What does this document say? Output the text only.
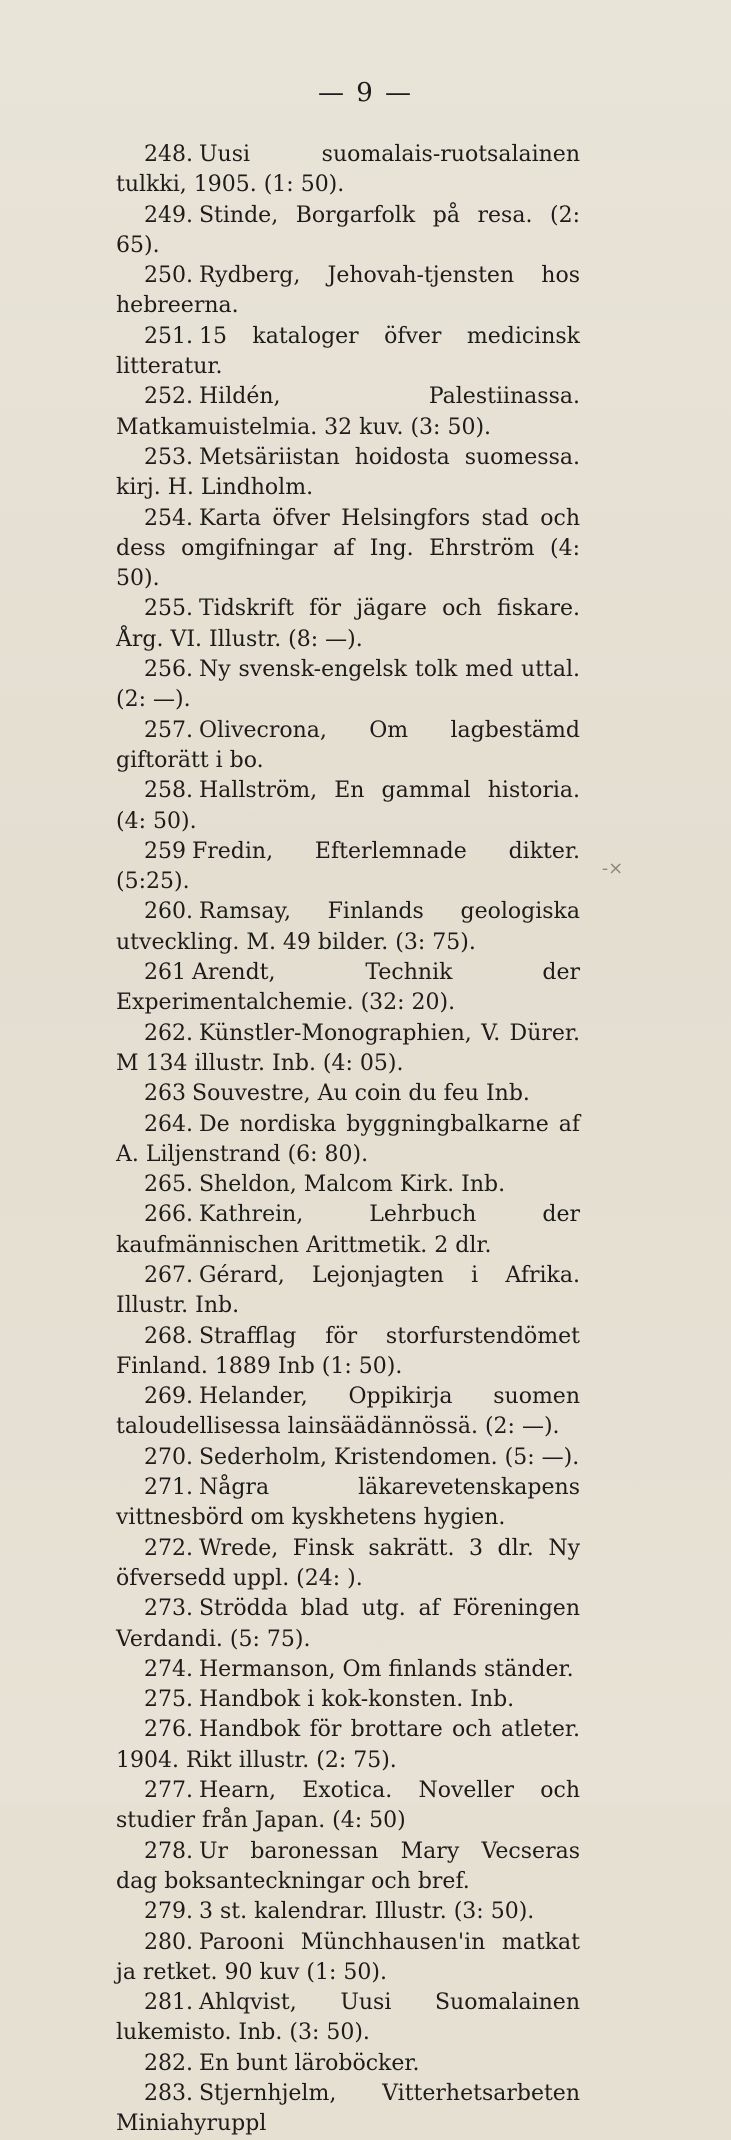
— 9 —

248. Uusi suomalais-ruotsalainen tulkki, 1905. (1: 50).

249. Stinde, Borgarfolk på resa. (2: 65).

250. Rydberg, Jehovah-tjensten hos hebreerna.

251. 15 kataloger öfver medicinsk litteratur.

252. Hildén, Palestiinassa. Matkamuistelmia. 32 kuv. (3: 50).

253. Metsäriistan hoidosta suomessa. kirj. H. Lindholm.

254. Karta öfver Helsingfors stad och dess omgifningar af Ing. Ehrström (4: 50).

255. Tidskrift för jägare och fiskare. Årg. VI. Illustr. (8: —).

256. Ny svensk-engelsk tolk med uttal. (2: —).

257. Olivecrona, Om lagbestämd giftorätt i bo.

258. Hallström, En gammal historia. (4: 50).

259 Fredin, Efterlemnade dikter. (5:25).

260. Ramsay, Finlands geologiska utveckling. M. 49 bilder. (3: 75).

261 Arendt, Technik der Experimentalchemie. (32: 20).

262. Künstler-Monographien, V. Dürer. M 134 illustr. Inb. (4: 05).

263 Souvestre, Au coin du feu Inb.

264. De nordiska byggningbalkarne af A. Liljenstrand (6: 80).

265. Sheldon, Malcom Kirk. Inb.

266. Kathrein, Lehrbuch der kaufmännischen Arittmetik. 2 dlr.

267. Gérard, Lejonjagten i Afrika. Illustr. Inb.

268. Strafflag för storfurstendömet Finland. 1889 Inb (1: 50).

269. Helander, Oppikirja suomen taloudellisessa lainsäädännössä. (2: —).

270. Sederholm, Kristendomen. (5: —).

271. Några läkarevetenskapens vittnesbörd om kyskhetens hygien.

272. Wrede, Finsk sakrätt. 3 dlr. Ny öfversedd uppl. (24: ).

273. Strödda blad utg. af Föreningen Verdandi. (5: 75).

274. Hermanson, Om finlands ständer.

275. Handbok i kok-konsten. Inb.

276. Handbok för brottare och atleter. 1904. Rikt illustr. (2: 75).

277. Hearn, Exotica. Noveller och studier från Japan. (4: 50)

278. Ur baronessan Mary Vecseras dag boksanteckningar och bref.

279. 3 st. kalendrar. Illustr. (3: 50).

280. Parooni Münchhausen'in matkat ja retket. 90 kuv (1: 50).

281. Ahlqvist, Uusi Suomalainen lukemisto. Inb. (3: 50).

282. En bunt läroböcker.

283. Stjernhjelm, Vitterhetsarbeten Miniahyruppl

-×
